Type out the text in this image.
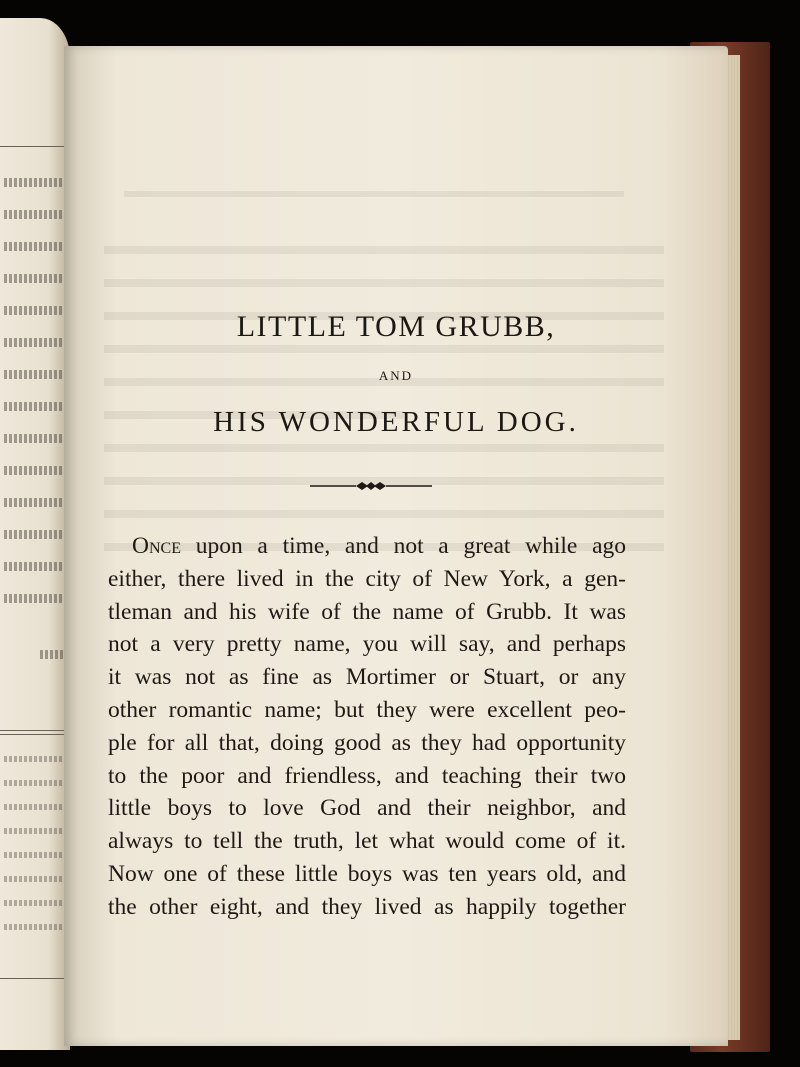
LITTLE TOM GRUBB,
AND
HIS WONDERFUL DOG.
Once upon a time, and not a great while ago
either, there lived in the city of New York, a gen-
tleman and his wife of the name of Grubb. It was
not a very pretty name, you will say, and perhaps
it was not as fine as Mortimer or Stuart, or any
other romantic name; but they were excellent peo-
ple for all that, doing good as they had opportunity
to the poor and friendless, and teaching their two
little boys to love God and their neighbor, and
always to tell the truth, let what would come of it.
Now one of these little boys was ten years old, and
the other eight, and they lived as happily together
